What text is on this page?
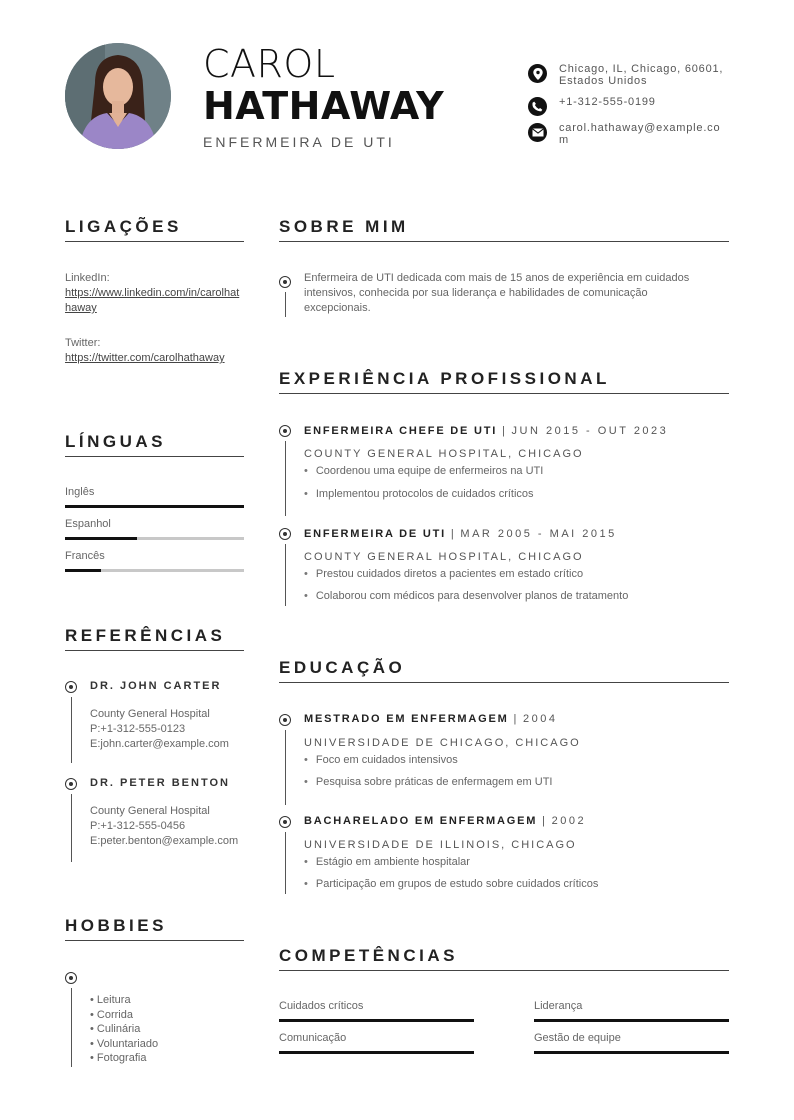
CAROL
HATHAWAY
ENFERMEIRA DE UTI
Chicago, IL, Chicago, 60601, Estados Unidos
+1-312-555-0199
carol.hathaway@example.com
LIGAÇÕES
LinkedIn:
https://www.linkedin.com/in/carolhathaway
Twitter:
https://twitter.com/carolhathaway
LÍNGUAS
Inglês
Espanhol
Francês
REFERÊNCIAS
DR. JOHN CARTER
County General Hospital
P:+1-312-555-0123
E:john.carter@example.com
DR. PETER BENTON
County General Hospital
P:+1-312-555-0456
E:peter.benton@example.com
HOBBIES
• Leitura
• Corrida
• Culinária
• Voluntariado
• Fotografia
SOBRE MIM
Enfermeira de UTI dedicada com mais de 15 anos de experiência em cuidados intensivos, conhecida por sua liderança e habilidades de comunicação excepcionais.
EXPERIÊNCIA PROFISSIONAL
ENFERMEIRA CHEFE DE UTI | JUN 2015 - OUT 2023
COUNTY GENERAL HOSPITAL, CHICAGO
• Coordenou uma equipe de enfermeiros na UTI
• Implementou protocolos de cuidados críticos
ENFERMEIRA DE UTI | MAR 2005 - MAI 2015
COUNTY GENERAL HOSPITAL, CHICAGO
• Prestou cuidados diretos a pacientes em estado crítico
• Colaborou com médicos para desenvolver planos de tratamento
EDUCAÇÃO
MESTRADO EM ENFERMAGEM | 2004
UNIVERSIDADE DE CHICAGO, CHICAGO
• Foco em cuidados intensivos
• Pesquisa sobre práticas de enfermagem em UTI
BACHARELADO EM ENFERMAGEM | 2002
UNIVERSIDADE DE ILLINOIS, CHICAGO
• Estágio em ambiente hospitalar
• Participação em grupos de estudo sobre cuidados críticos
COMPETÊNCIAS
Cuidados críticos	Liderança
Comunicação	Gestão de equipe
